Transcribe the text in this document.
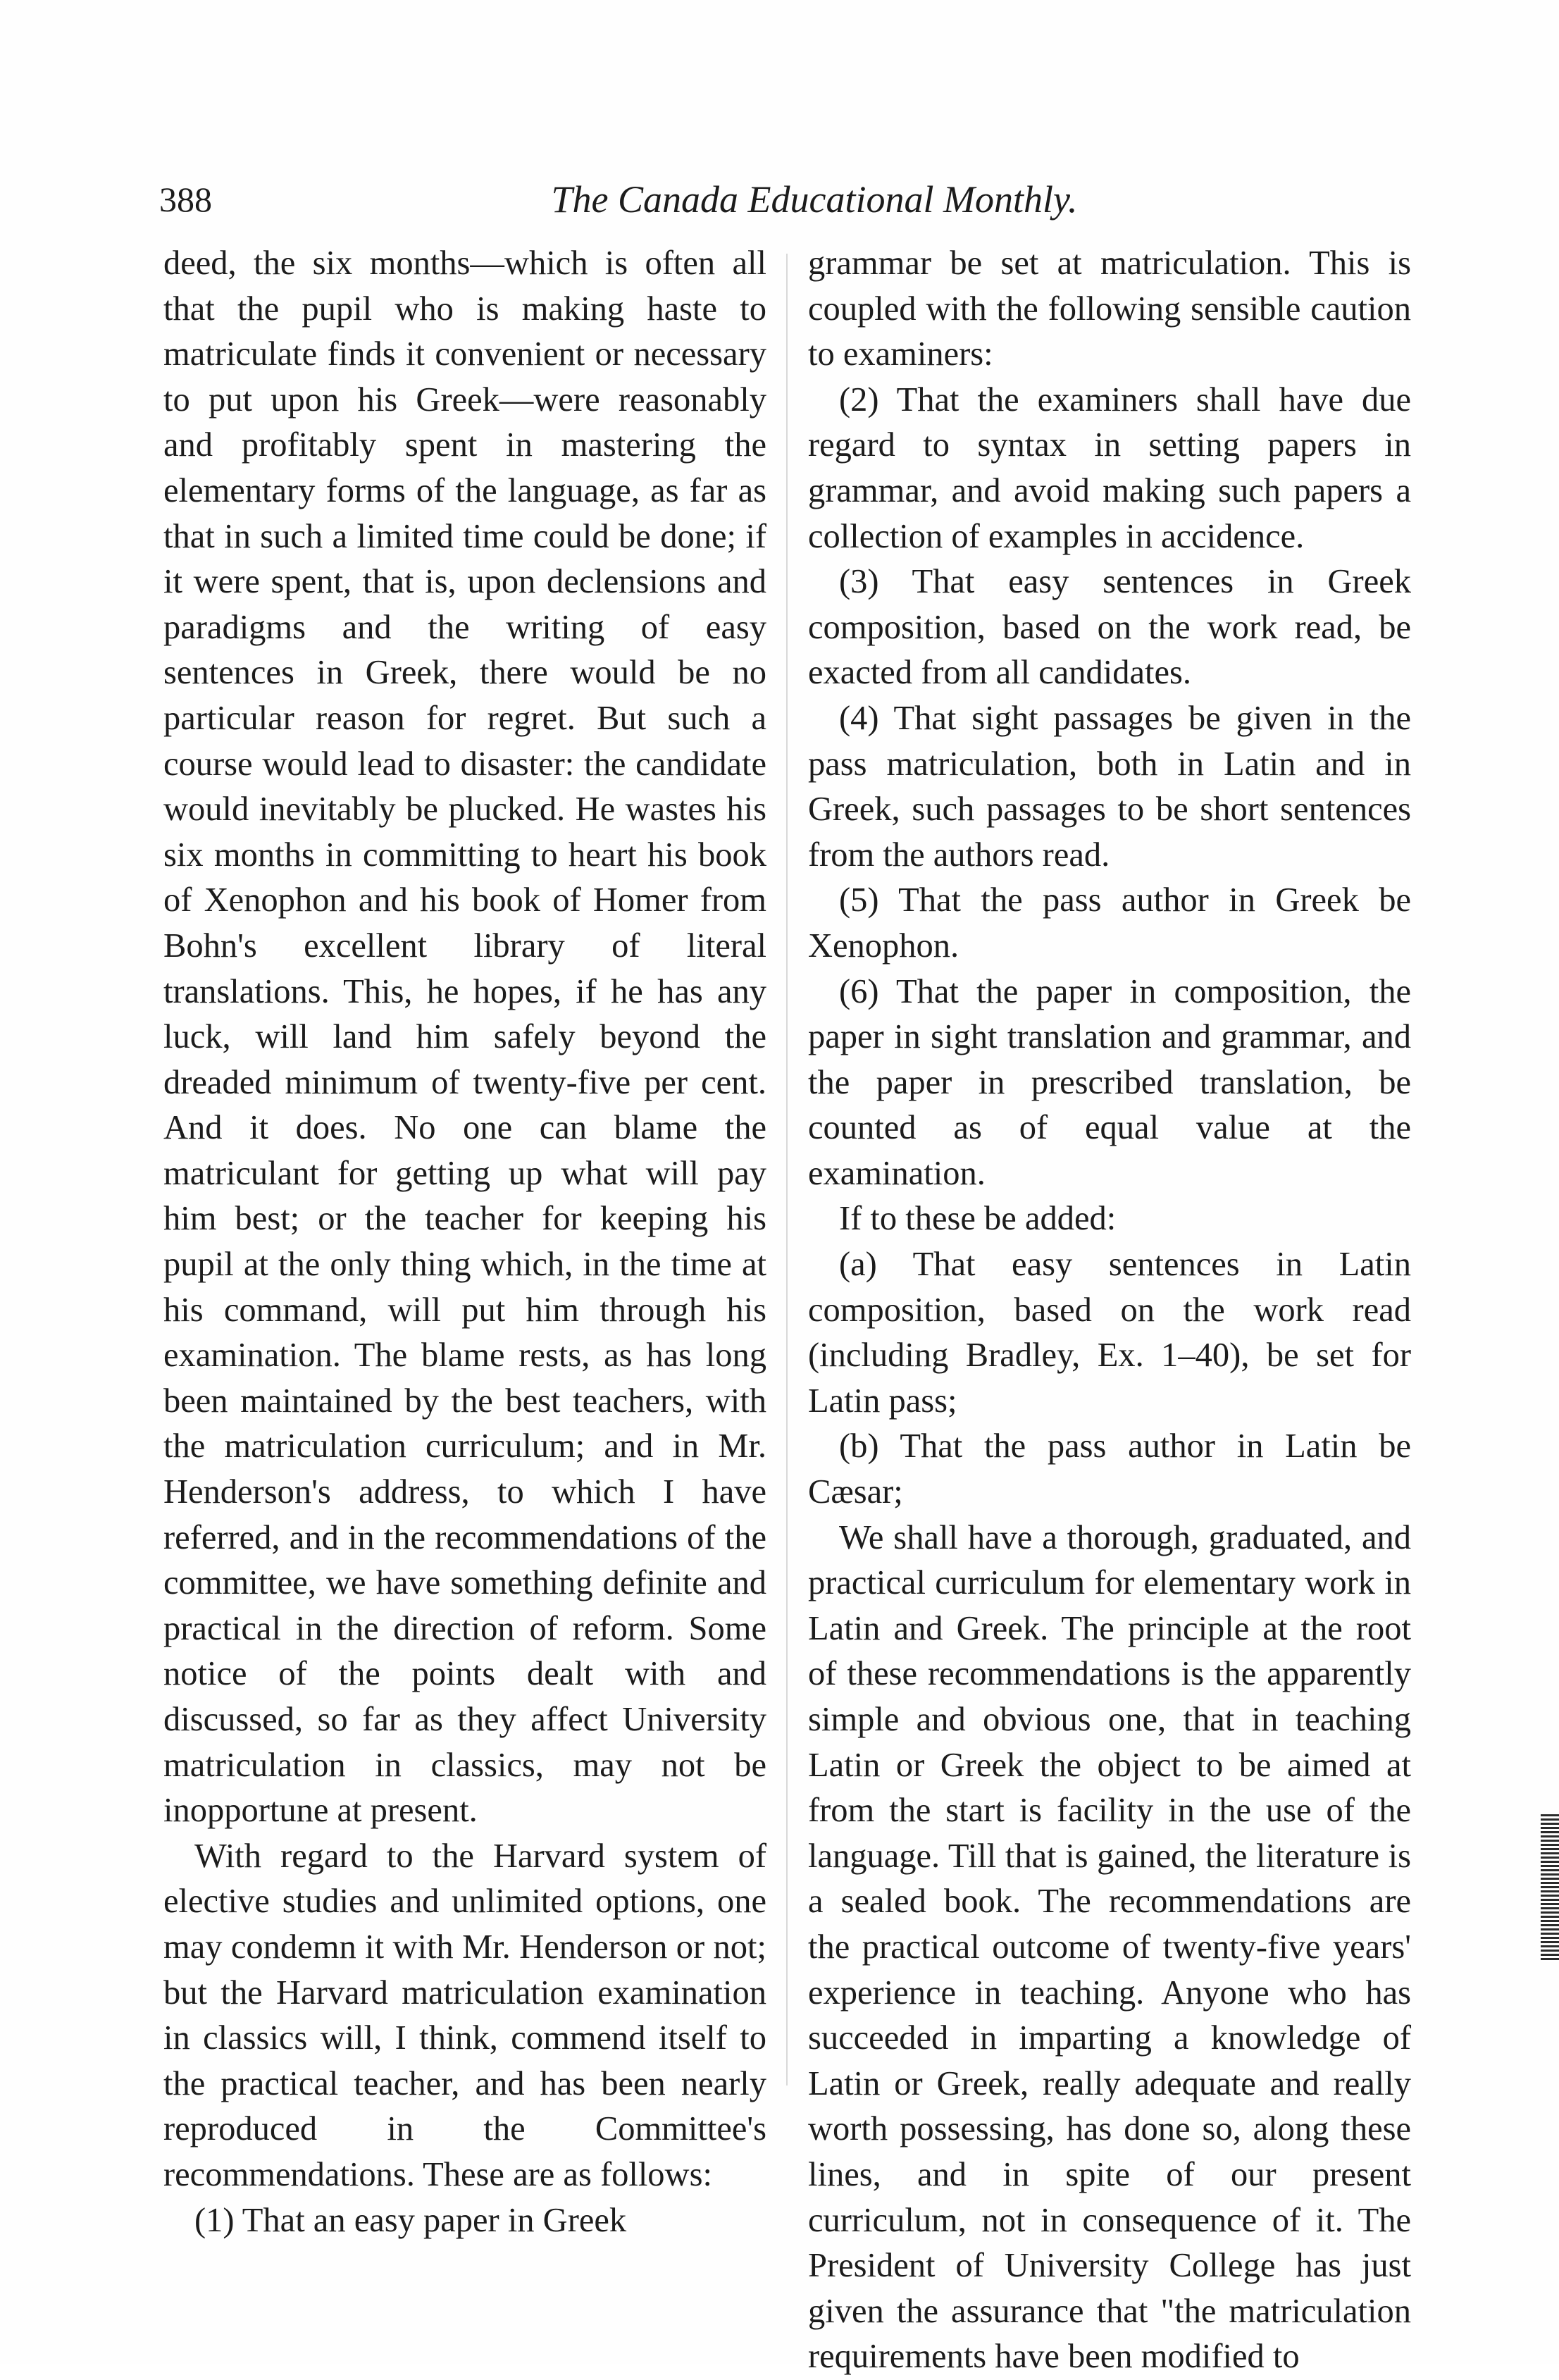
388	The Canada Educational Monthly.

deed, the six months—which is often all that the pupil who is making haste to matriculate finds it convenient or necessary to put upon his Greek—were reasonably and profitably spent in mastering the elementary forms of the language, as far as that in such a limited time could be done; if it were spent, that is, upon declensions and paradigms and the writing of easy sentences in Greek, there would be no particular reason for regret. But such a course would lead to disaster: the candidate would inevitably be plucked. He wastes his six months in committing to heart his book of Xenophon and his book of Homer from Bohn's excellent library of literal translations. This, he hopes, if he has any luck, will land him safely beyond the dreaded minimum of twenty-five per cent. And it does. No one can blame the matriculant for getting up what will pay him best; or the teacher for keeping his pupil at the only thing which, in the time at his command, will put him through his examination. The blame rests, as has long been maintained by the best teachers, with the matriculation curriculum; and in Mr. Henderson's address, to which I have referred, and in the recommendations of the committee, we have something definite and practical in the direction of reform. Some notice of the points dealt with and discussed, so far as they affect University matriculation in classics, may not be inopportune at present.

With regard to the Harvard system of elective studies and unlimited options, one may condemn it with Mr. Henderson or not; but the Harvard matriculation examination in classics will, I think, commend itself to the practical teacher, and has been nearly reproduced in the Committee's recommendations. These are as follows:

(1) That an easy paper in Greek

grammar be set at matriculation. This is coupled with the following sensible caution to examiners:

(2) That the examiners shall have due regard to syntax in setting papers in grammar, and avoid making such papers a collection of examples in accidence.

(3) That easy sentences in Greek composition, based on the work read, be exacted from all candidates.

(4) That sight passages be given in the pass matriculation, both in Latin and in Greek, such passages to be short sentences from the authors read.

(5) That the pass author in Greek be Xenophon.

(6) That the paper in composition, the paper in sight translation and grammar, and the paper in prescribed translation, be counted as of equal value at the examination.

If to these be added:

(a) That easy sentences in Latin composition, based on the work read (including Bradley, Ex. 1–40), be set for Latin pass;

(b) That the pass author in Latin be Cæsar;

We shall have a thorough, graduated, and practical curriculum for elementary work in Latin and Greek. The principle at the root of these recommendations is the apparently simple and obvious one, that in teaching Latin or Greek the object to be aimed at from the start is facility in the use of the language. Till that is gained, the literature is a sealed book. The recommendations are the practical outcome of twenty-five years' experience in teaching. Anyone who has succeeded in imparting a knowledge of Latin or Greek, really adequate and really worth possessing, has done so, along these lines, and in spite of our present curriculum, not in consequence of it. The President of University College has just given the assurance that "the matriculation requirements have been modified to
